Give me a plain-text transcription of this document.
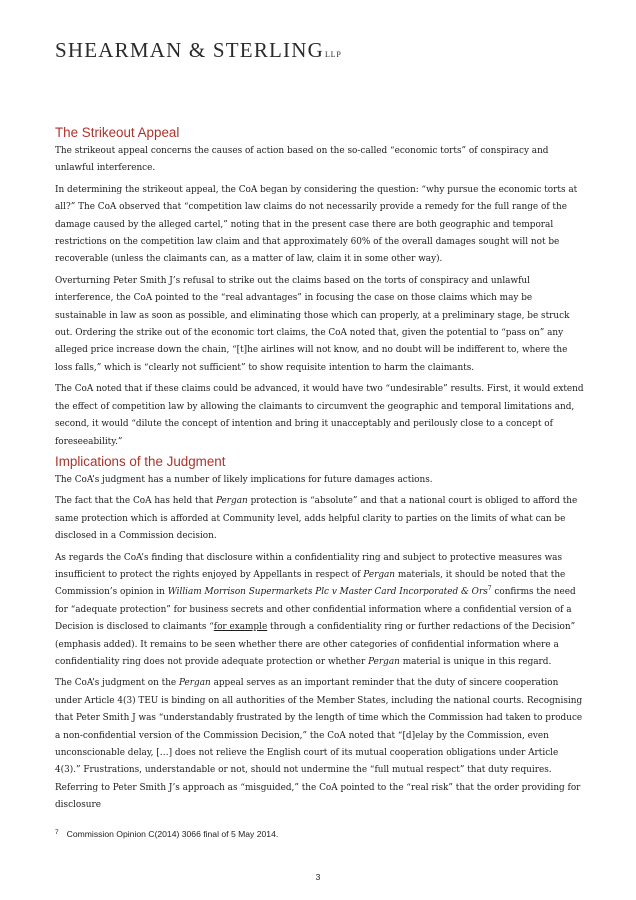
SHEARMAN & STERLINGLLP
The Strikeout Appeal

The strikeout appeal concerns the causes of action based on the so-called “economic torts” of conspiracy and unlawful interference.

In determining the strikeout appeal, the CoA began by considering the question: “why pursue the economic torts at all?” The CoA observed that “competition law claims do not necessarily provide a remedy for the full range of the damage caused by the alleged cartel,” noting that in the present case there are both geographic and temporal restrictions on the competition law claim and that approximately 60% of the overall damages sought will not be recoverable (unless the claimants can, as a matter of law, claim it in some other way).

Overturning Peter Smith J’s refusal to strike out the claims based on the torts of conspiracy and unlawful interference, the CoA pointed to the “real advantages” in focusing the case on those claims which may be sustainable in law as soon as possible, and eliminating those which can properly, at a preliminary stage, be struck out. Ordering the strike out of the economic tort claims, the CoA noted that, given the potential to “pass on” any alleged price increase down the chain, “[t]he airlines will not know, and no doubt will be indifferent to, where the loss falls,” which is “clearly not sufficient” to show requisite intention to harm the claimants.

The CoA noted that if these claims could be advanced, it would have two “undesirable” results. First, it would extend the effect of competition law by allowing the claimants to circumvent the geographic and temporal limitations and, second, it would “dilute the concept of intention and bring it unacceptably and perilously close to a concept of foreseeability.”

Implications of the Judgment

The CoA’s judgment has a number of likely implications for future damages actions.

The fact that the CoA has held that Pergan protection is “absolute” and that a national court is obliged to afford the same protection which is afforded at Community level, adds helpful clarity to parties on the limits of what can be disclosed in a Commission decision.

As regards the CoA’s finding that disclosure within a confidentiality ring and subject to protective measures was insufficient to protect the rights enjoyed by Appellants in respect of Pergan materials, it should be noted that the Commission’s opinion in William Morrison Supermarkets Plc v Master Card Incorporated & Ors$^7$ confirms the need for “adequate protection” for business secrets and other confidential information where a confidential version of a Decision is disclosed to claimants “for example through a confidentiality ring or further redactions of the Decision” (emphasis added). It remains to be seen whether there are other categories of confidential information where a confidentiality ring does not provide adequate protection or whether Pergan material is unique in this regard.

The CoA’s judgment on the Pergan appeal serves as an important reminder that the duty of sincere cooperation under Article 4(3) TEU is binding on all authorities of the Member States, including the national courts. Recognising that Peter Smith J was “understandably frustrated by the length of time which the Commission had taken to produce a non-confidential version of the Commission Decision,” the CoA noted that “[d]elay by the Commission, even unconscionable delay, […] does not relieve the English court of its mutual cooperation obligations under Article 4(3).” Frustrations, understandable or not, should not undermine the “full mutual respect” that duty requires. Referring to Peter Smith J’s approach as “misguided,” the CoA pointed to the “real risk” that the order providing for disclosure

$^7$ Commission Opinion C(2014) 3066 final of 5 May 2014.
3
